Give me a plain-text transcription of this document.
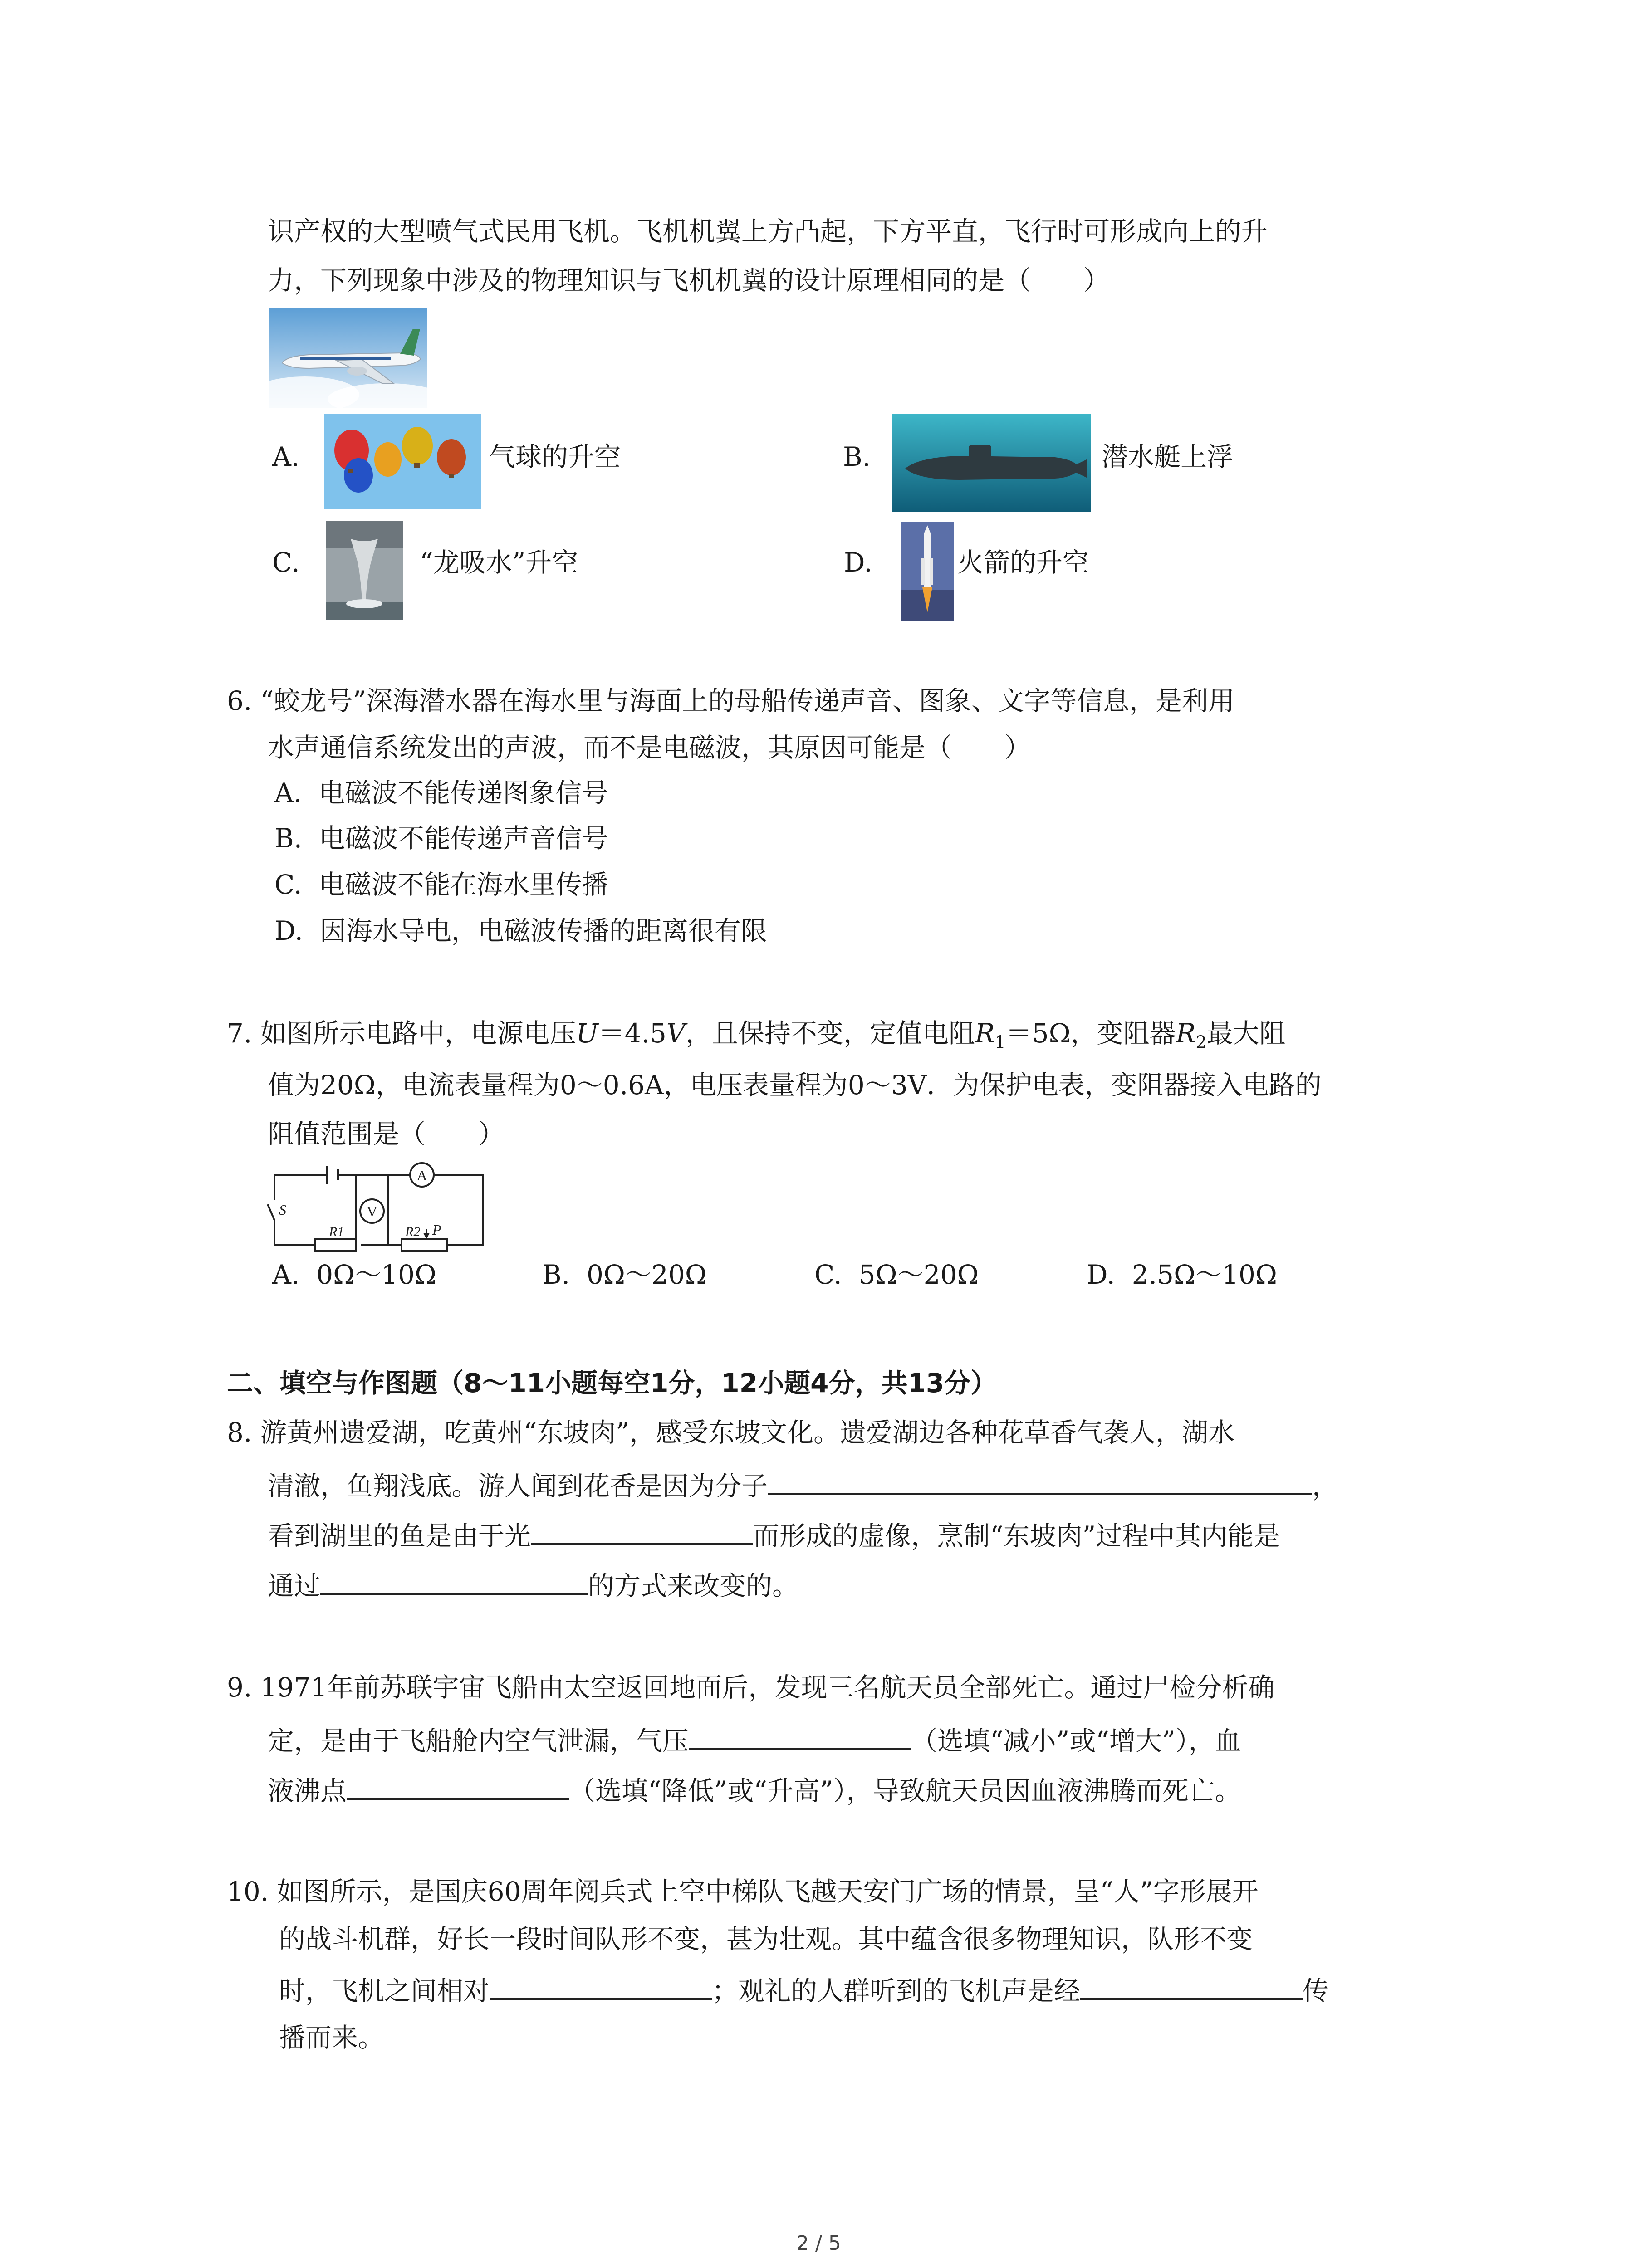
识产权的大型喷气式民用飞机。飞机机翼上方凸起，下方平直，飞行时可形成向上的升
力，下列现象中涉及的物理知识与飞机机翼的设计原理相同的是（　　）
A.	气球的升空	B.	潜水艇上浮
C.	“龙吸水”升空	D.	火箭的升空
6. “蛟龙号”深海潜水器在海水里与海面上的母船传递声音、图象、文字等信息，是利用
水声通信系统发出的声波，而不是电磁波，其原因可能是（　　）
A. 电磁波不能传递图象信号
B. 电磁波不能传递声音信号
C. 电磁波不能在海水里传播
D. 因海水导电，电磁波传播的距离很有限
7. 如图所示电路中，电源电压U＝4.5V，且保持不变，定值电阻$R_1=5\Omega$，变阻器$R_2$最大阻
值为20Ω，电流表量程为0～0.6A，电压表量程为0～3V．为保护电表，变阻器接入电路的
阻值范围是（　　）
V
A
S
R1	R2 P
A. 0Ω～10Ω	B. 0Ω～20Ω	C. 5Ω～20Ω	D. 2.5Ω～10Ω
二、填空与作图题（8～11小题每空1分，12小题4分，共13分）
8. 游黄州遗爱湖，吃黄州“东坡肉”，感受东坡文化。遗爱湖边各种花草香气袭人，湖水
清澈，鱼翔浅底。游人闻到花香是因为分子	，
看到湖里的鱼是由于光	而形成的虚像，烹制“东坡肉”过程中其内能是
通过	的方式来改变的。
9. 1971年前苏联宇宙飞船由太空返回地面后，发现三名航天员全部死亡。通过尸检分析确
定，是由于飞船舱内空气泄漏，气压	（选填“减小”或“增大”），血
液沸点	（选填“降低”或“升高”），导致航天员因血液沸腾而死亡。
10. 如图所示，是国庆60周年阅兵式上空中梯队飞越天安门广场的情景，呈“人”字形展开
的战斗机群，好长一段时间队形不变，甚为壮观。其中蕴含很多物理知识，队形不变
时，飞机之间相对	；观礼的人群听到的飞机声是经	传
播而来。
2 / 5
